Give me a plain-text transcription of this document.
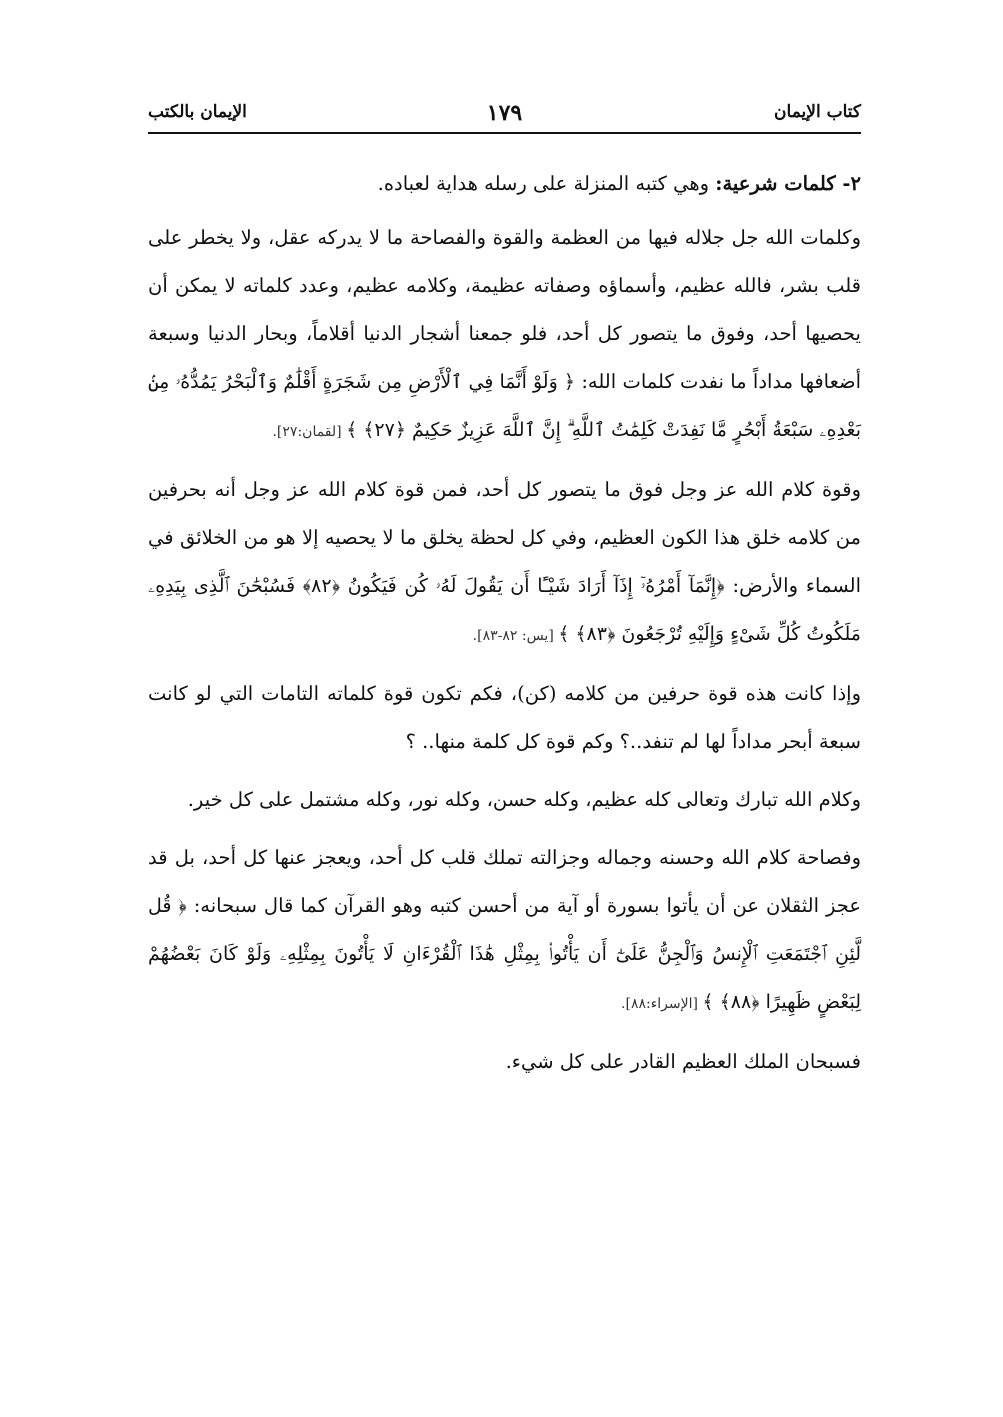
كتاب الإيمان
١٧٩
الإيمان بالكتب

٢- كلمات شرعية: وهي كتبه المنزلة على رسله هداية لعباده.

وكلمات الله جل جلاله فيها من العظمة والقوة والفصاحة ما لا يدركه عقل، ولا يخطر على قلب بشر، فالله عظيم، وأسماؤه وصفاته عظيمة، وكلامه عظيم، وعدد كلماته لا يمكن أن يحصيها أحد، وفوق ما يتصور كل أحد، فلو جمعنا أشجار الدنيا أقلاماً، وبحار الدنيا وسبعة أضعافها مداداً ما نفدت كلمات الله: ﴿ وَلَوْ أَنَّمَا فِي ٱلْأَرْضِ مِن شَجَرَةٍ أَقْلَٰمٌ وَٱلْبَحْرُ يَمُدُّهُۥ مِنۢ بَعْدِهِۦ سَبْعَةُ أَبْحُرٍ مَّا نَفِدَتْ كَلِمَٰتُ ٱللَّهِ ۗ إِنَّ ٱللَّهَ عَزِيزٌ حَكِيمٌ ﴿٢٧﴾ ﴾ [لقمان:٢٧].

وقوة كلام الله عز وجل فوق ما يتصور كل أحد، فمن قوة كلام الله عز وجل أنه بحرفين من كلامه خلق هذا الكون العظيم، وفي كل لحظة يخلق ما لا يحصيه إلا هو من الخلائق في السماء والأرض: ﴿إِنَّمَآ أَمْرُهُۥٓ إِذَآ أَرَادَ شَيْـًٔا أَن يَقُولَ لَهُۥ كُن فَيَكُونُ ﴿٨٢﴾ فَسُبْحَٰنَ ٱلَّذِى بِيَدِهِۦ مَلَكُوتُ كُلِّ شَىْءٍ وَإِلَيْهِ تُرْجَعُونَ ﴿٨٣﴾ ﴾ [يس: ٨٢-٨٣].

وإذا كانت هذه قوة حرفين من كلامه (كن)، فكم تكون قوة كلماته التامات التي لو كانت سبعة أبحر مداداً لها لم تنفد..؟ وكم قوة كل كلمة منها.. ؟

وكلام الله تبارك وتعالى كله عظيم، وكله حسن، وكله نور، وكله مشتمل على كل خير.

وفصاحة كلام الله وحسنه وجماله وجزالته تملك قلب كل أحد، ويعجز عنها كل أحد، بل قد عجز الثقلان عن أن يأتوا بسورة أو آية من أحسن كتبه وهو القرآن كما قال سبحانه: ﴿ قُل لَّئِنِ ٱجْتَمَعَتِ ٱلْإِنسُ وَٱلْجِنُّ عَلَىٰٓ أَن يَأْتُوا۟ بِمِثْلِ هَٰذَا ٱلْقُرْءَانِ لَا يَأْتُونَ بِمِثْلِهِۦ وَلَوْ كَانَ بَعْضُهُمْ لِبَعْضٍ ظَهِيرًا ﴿٨٨﴾ ﴾ [الإسراء:٨٨].

فسبحان الملك العظيم القادر على كل شيء.
